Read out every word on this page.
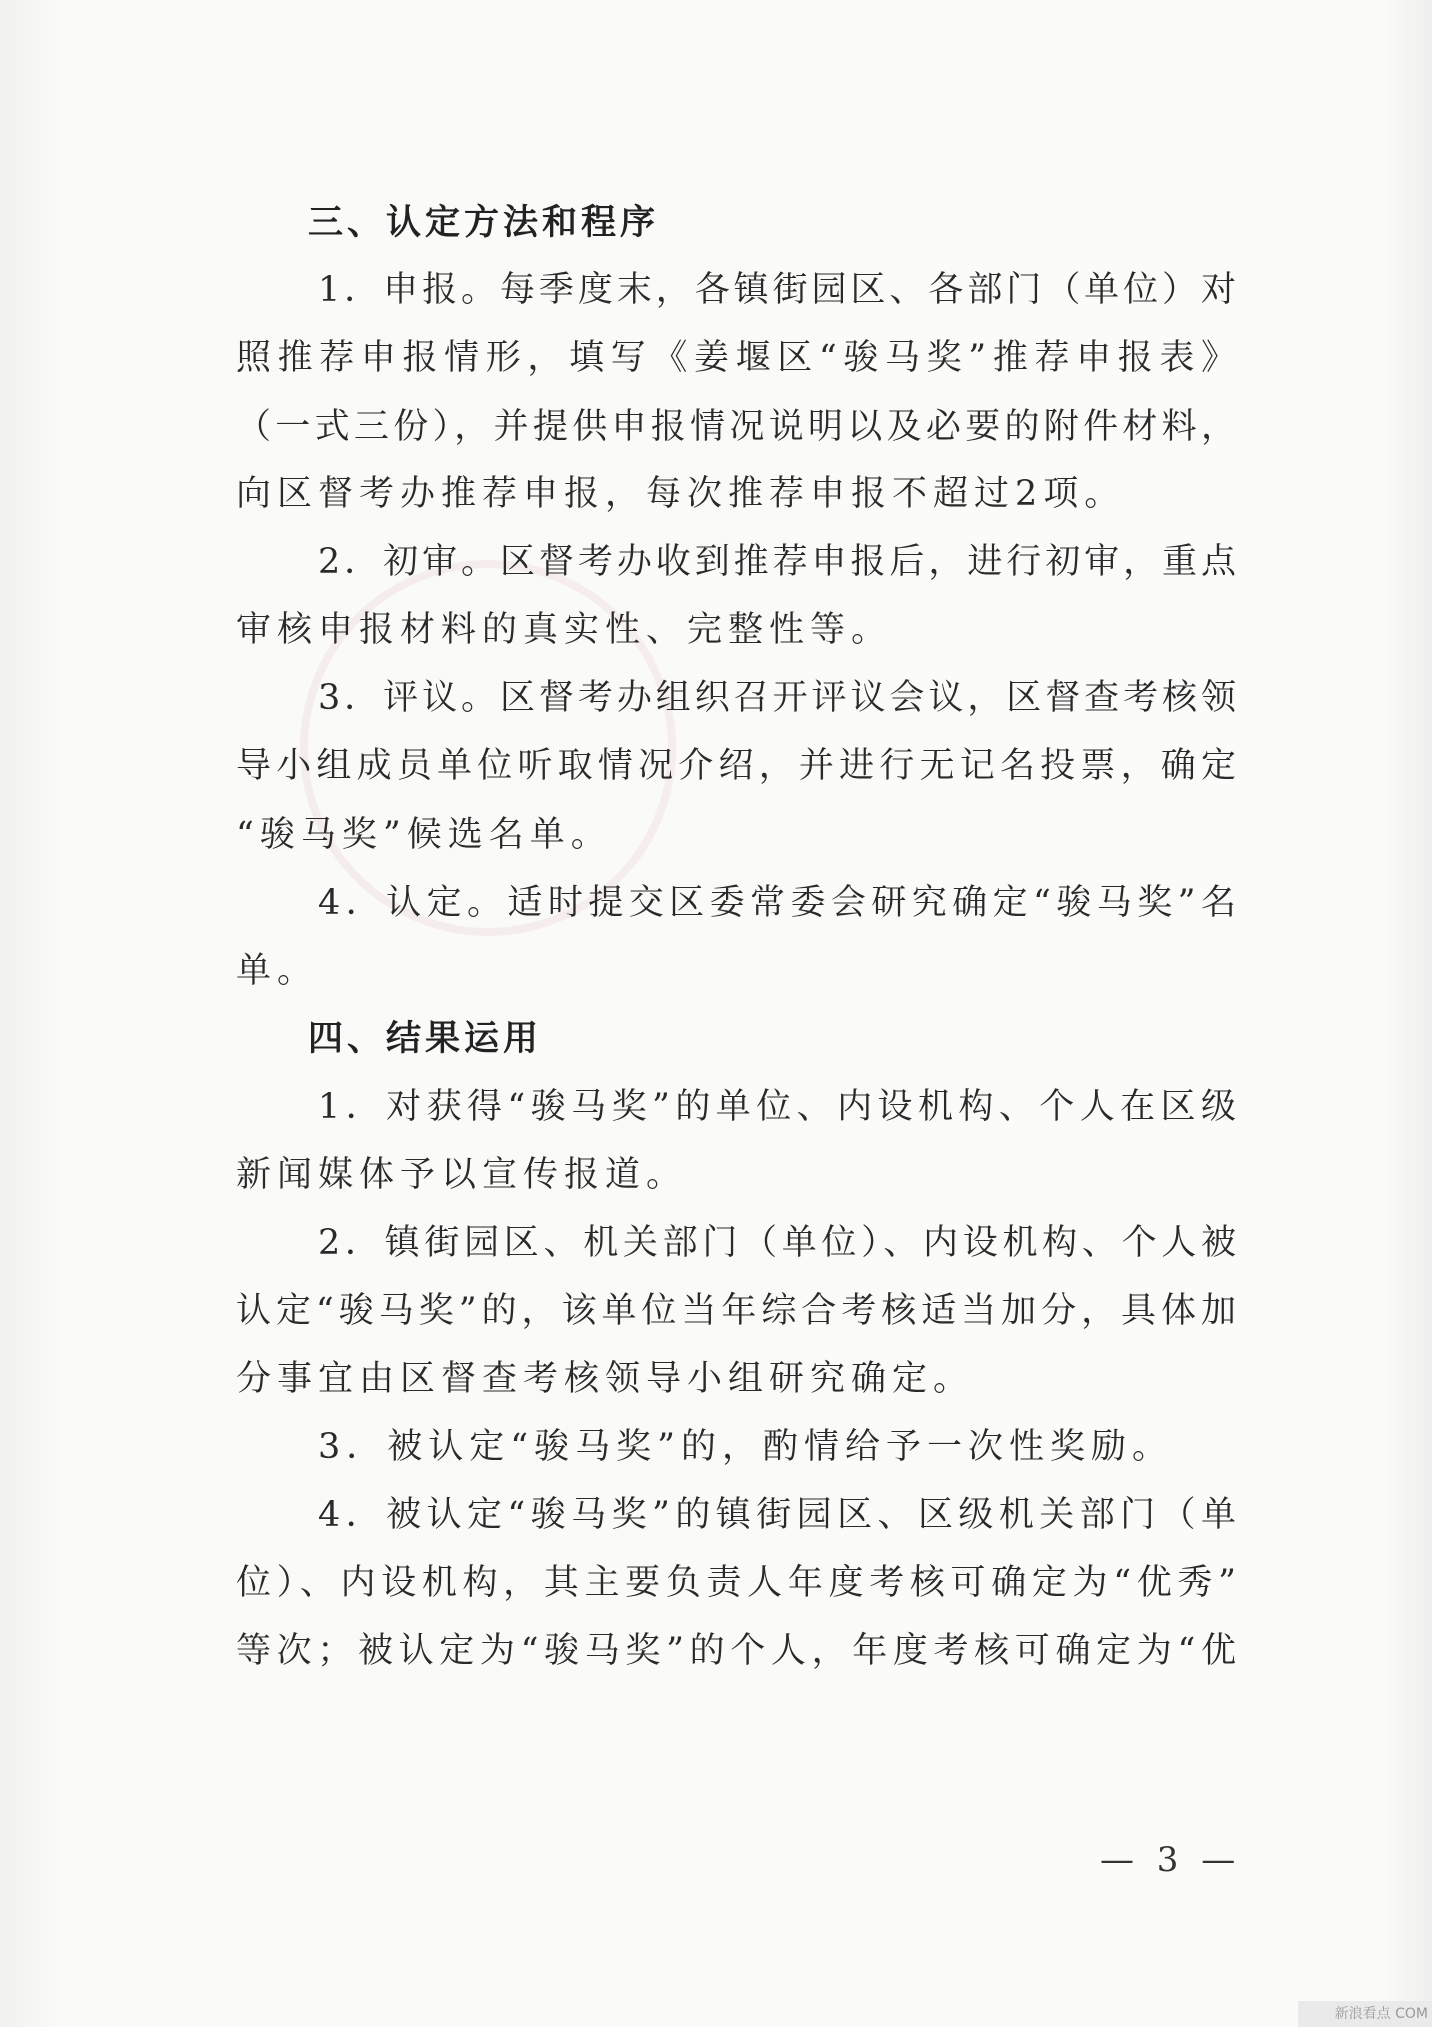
三、认定方法和程序
1．申报。每季度末，各镇街园区、各部门（单位）对
照推荐申报情形，填写《姜堰区“骏马奖”推荐申报表》
（一式三份），并提供申报情况说明以及必要的附件材料，
向区督考办推荐申报，每次推荐申报不超过2项。
2．初审。区督考办收到推荐申报后，进行初审，重点
审核申报材料的真实性、完整性等。
3．评议。区督考办组织召开评议会议，区督查考核领
导小组成员单位听取情况介绍，并进行无记名投票，确定
“骏马奖”候选名单。
4．认定。适时提交区委常委会研究确定“骏马奖”名
单。
四、结果运用
1．对获得“骏马奖”的单位、内设机构、个人在区级
新闻媒体予以宣传报道。
2．镇街园区、机关部门（单位）、内设机构、个人被
认定“骏马奖”的，该单位当年综合考核适当加分，具体加
分事宜由区督查考核领导小组研究确定。
3．被认定“骏马奖”的，酌情给予一次性奖励。
4．被认定“骏马奖”的镇街园区、区级机关部门（单
位）、内设机构，其主要负责人年度考核可确定为“优秀”
等次；被认定为“骏马奖”的个人，年度考核可确定为“优
— 3 —
新浪看点 COM
